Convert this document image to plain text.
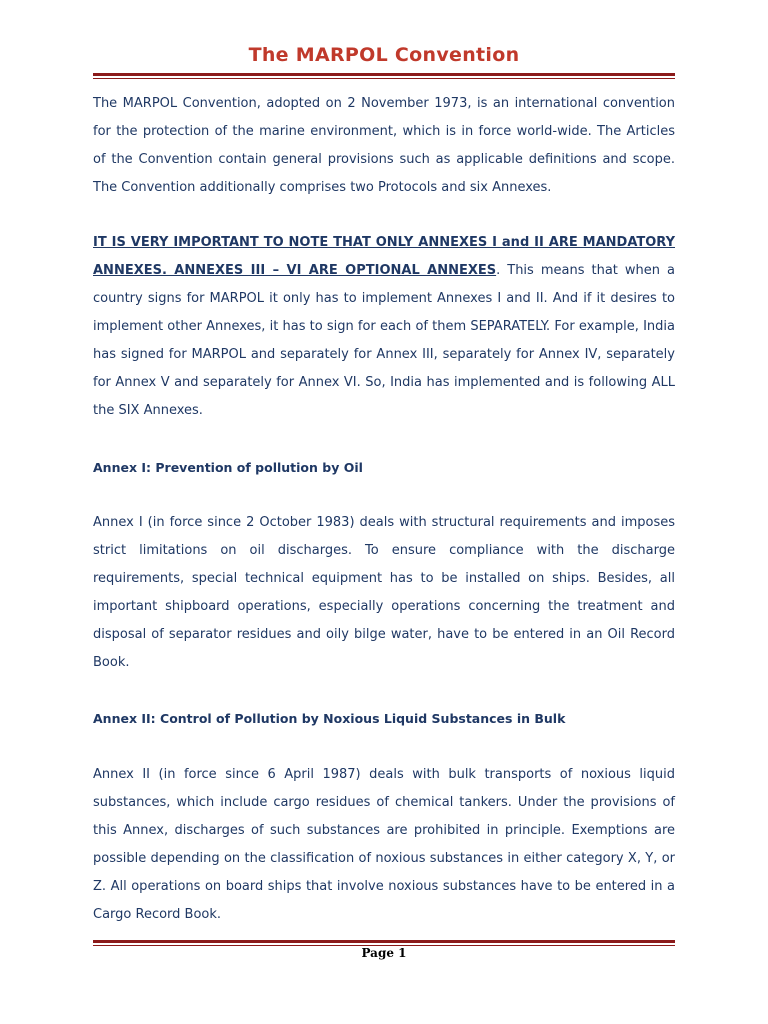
The MARPOL Convention
The MARPOL Convention, adopted on 2 November 1973, is an international convention for the protection of the marine environment, which is in force world-wide. The Articles of the Convention contain general provisions such as applicable definitions and scope. The Convention additionally comprises two Protocols and six Annexes.
IT IS VERY IMPORTANT TO NOTE THAT ONLY ANNEXES I and II ARE MANDATORY ANNEXES. ANNEXES III – VI ARE OPTIONAL ANNEXES. This means that when a country signs for MARPOL it only has to implement Annexes I and II. And if it desires to implement other Annexes, it has to sign for each of them SEPARATELY. For example, India has signed for MARPOL and separately for Annex III, separately for Annex IV, separately for Annex V and separately for Annex VI. So, India has implemented and is following ALL the SIX Annexes.
Annex I: Prevention of pollution by Oil
Annex I (in force since 2 October 1983) deals with structural requirements and imposes strict limitations on oil discharges. To ensure compliance with the discharge requirements, special technical equipment has to be installed on ships. Besides, all important shipboard operations, especially operations concerning the treatment and disposal of separator residues and oily bilge water, have to be entered in an Oil Record Book.
Annex II: Control of Pollution by Noxious Liquid Substances in Bulk
Annex II (in force since 6 April 1987) deals with bulk transports of noxious liquid substances, which include cargo residues of chemical tankers. Under the provisions of this Annex, discharges of such substances are prohibited in principle. Exemptions are possible depending on the classification of noxious substances in either category X, Y, or Z. All operations on board ships that involve noxious substances have to be entered in a Cargo Record Book.
Page 1
